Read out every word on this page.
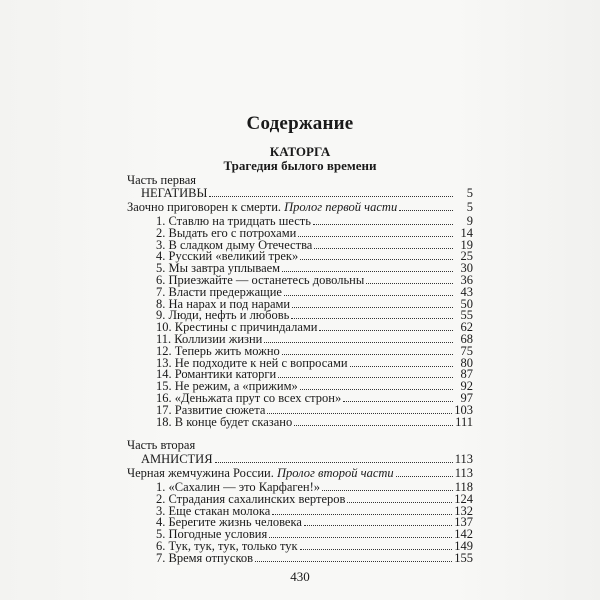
Содержание
КАТОРГА
Трагедия былого времени
Часть первая
НЕГАТИВЫ	5
Заочно приговорен к смерти. Пролог первой части	5
1. Ставлю на тридцать шесть	9
2. Выдать его с потрохами	14
3. В сладком дыму Отечества	19
4. Русский «великий трек»	25
5. Мы завтра уплываем	30
6. Приезжайте — останетесь довольны	36
7. Власти предержащие	43
8. На нарах и под нарами	50
9. Люди, нефть и любовь	55
10. Крестины с причиндалами	62
11. Коллизии жизни	68
12. Теперь жить можно	75
13. Не подходите к ней с вопросами	80
14. Романтики каторги	87
15. Не режим, а «прижим»	92
16. «Деньжата прут со всех строн»	97
17. Развитие сюжета	103
18. В конце будет сказано	111
Часть вторая
АМНИСТИЯ	113
Черная жемчужина России. Пролог второй части	113
1. «Сахалин — это Карфаген!»	118
2. Страдания сахалинских вертеров	124
3. Еще стакан молока	132
4. Берегите жизнь человека	137
5. Погодные условия	142
6. Тук, тук, тук, только тук	149
7. Время отпусков	155
430
